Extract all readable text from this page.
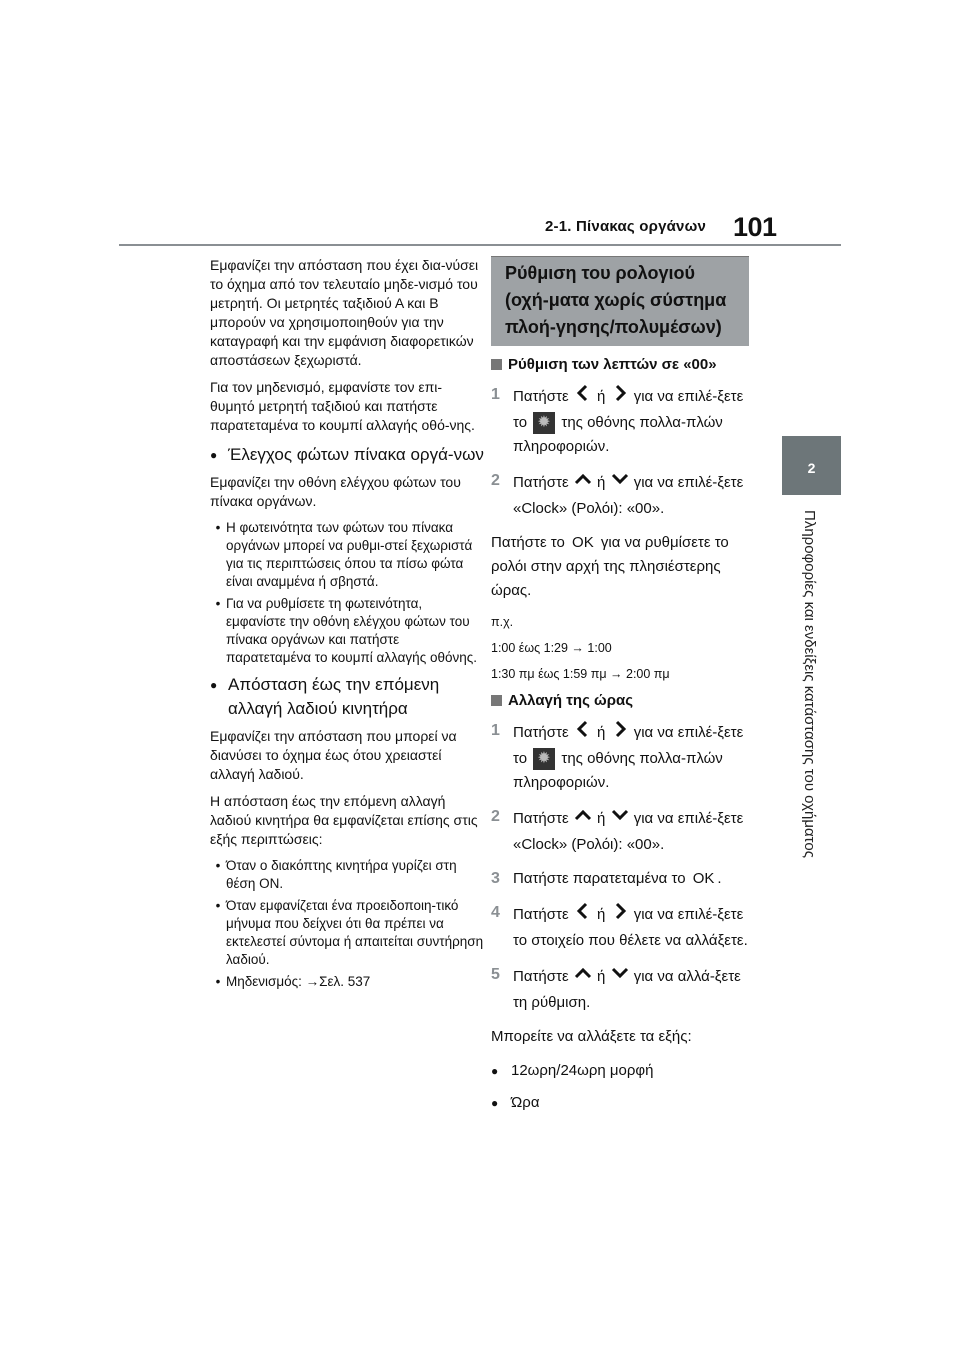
2-1. Πίνακας οργάνων 101
2
Πληροφορίες και ενδείξεις κατάστασης του οχήματος

Εμφανίζει την απόσταση που έχει δια-νύσει το όχημα από τον τελευταίο μηδε-νισμό του μετρητή. Οι μετρητές ταξιδιού Α και Β μπορούν να χρησιμοποιηθούν για την καταγραφή και την εμφάνιση διαφορετικών αποστάσεων ξεχωριστά.

Για τον μηδενισμό, εμφανίστε τον επι-θυμητό μετρητή ταξιδιού και πατήστε παρατεταμένα το κουμπί αλλαγής οθό-νης.

● Έλεγχος φώτων πίνακα οργά-νων

Εμφανίζει την οθόνη ελέγχου φώτων του πίνακα οργάνων.

• Η φωτεινότητα των φώτων του πίνακα οργάνων μπορεί να ρυθμι-στεί ξεχωριστά για τις περιπτώσεις όπου τα πίσω φώτα είναι αναμμένα ή σβηστά.
• Για να ρυθμίσετε τη φωτεινότητα, εμφανίστε την οθόνη ελέγχου φώτων του πίνακα οργάνων και πατήστε παρατεταμένα το κουμπί αλλαγής οθόνης.
● Απόσταση έως την επόμενη αλλαγή λαδιού κινητήρα

Εμφανίζει την απόσταση που μπορεί να διανύσει το όχημα έως ότου χρειαστεί αλλαγή λαδιού.

Η απόσταση έως την επόμενη αλλαγή λαδιού κινητήρα θα εμφανίζεται επίσης στις εξής περιπτώσεις:

• Όταν ο διακόπτης κινητήρα γυρίζει στη θέση ON.
• Όταν εμφανίζεται ένα προειδοποιη-τικό μήνυμα που δείχνει ότι θα πρέπει να εκτελεστεί σύντομα ή απαιτείται συντήρηση λαδιού.
• Μηδενισμός: →Σελ. 537
Ρύθμιση του ρολογιού (οχή-ματα χωρίς σύστημα πλοή-γησης/πολυμέσων)
Ρύθμιση των λεπτών σε «00»
1 Πατήστε ή για να επιλέ-ξετε το ✹ της οθόνης πολλα-πλών πληροφοριών.
2 Πατήστε ή για να επιλέ-ξετε «Clock» (Ρολόι): «00».
Πατήστε το OK για να ρυθμίσετε το ρολόι στην αρχή της πλησιέστερης ώρας.
π.χ.
1:00 έως 1:29 → 1:00
1:30 πμ έως 1:59 πμ → 2:00 πμ
Αλλαγή της ώρας
1 Πατήστε ή για να επιλέ-ξετε το ✹ της οθόνης πολλα-πλών πληροφοριών.
2 Πατήστε ή για να επιλέ-ξετε «Clock» (Ρολόι): «00».
3 Πατήστε παρατεταμένα το OK .
4 Πατήστε ή για να επιλέ-ξετε το στοιχείο που θέλετε να αλλάξετε.
5 Πατήστε ή για να αλλά-ξετε τη ρύθμιση.
Μπορείτε να αλλάξετε τα εξής:
● 12ωρη/24ωρη μορφή
● Ώρα
